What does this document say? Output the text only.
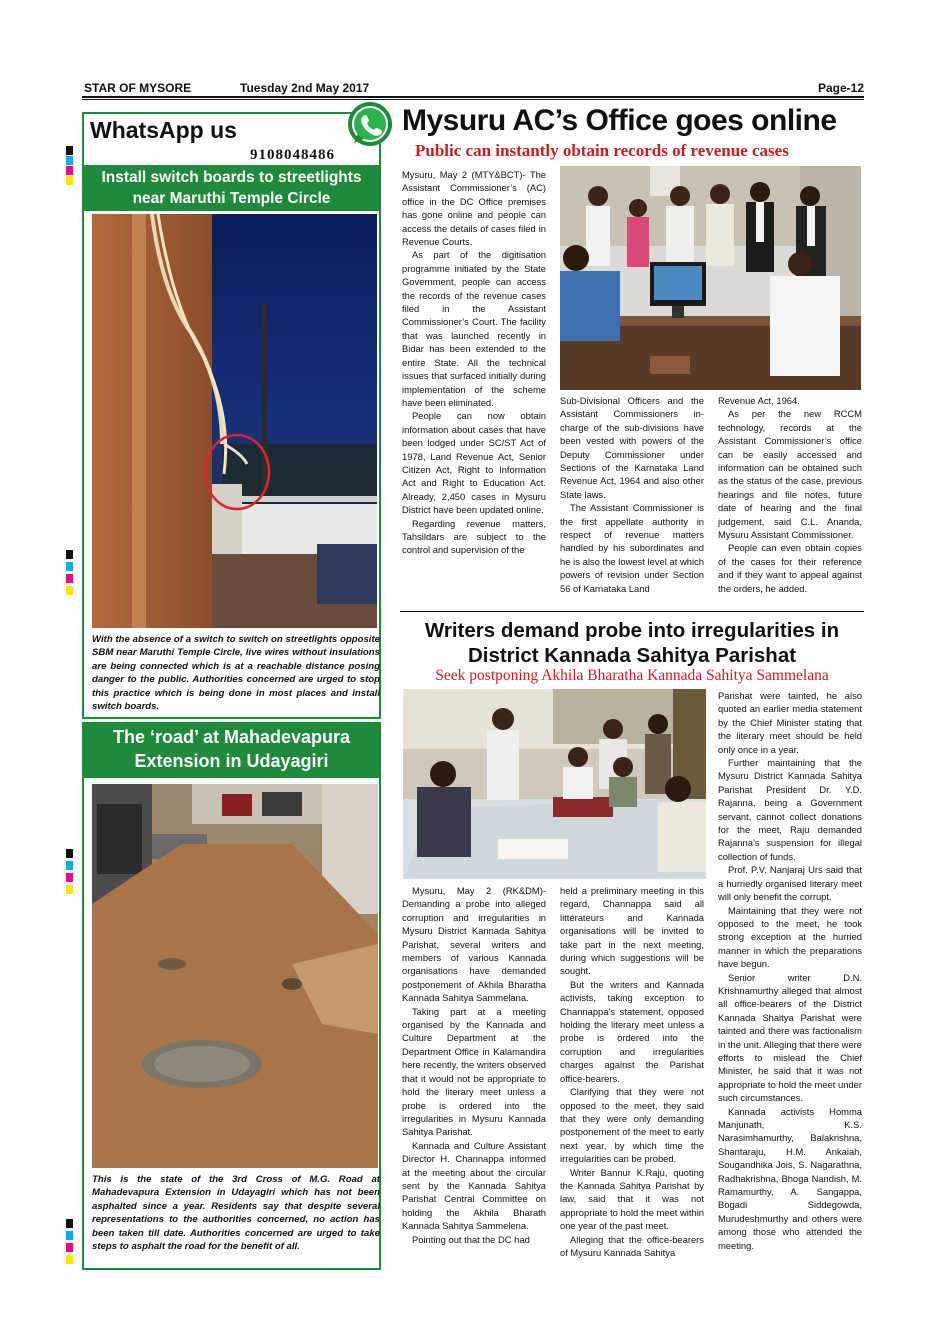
STAR OF MYSORE	Tuesday 2nd May 2017	Page-12
WhatsApp us
9108048486
Install switch boards to streetlights
near Maruthi Temple Circle
With the absence of a switch to switch on streetlights opposite SBM near Maruthi Temple Circle, live wires without insulations are being connected which is at a reachable distance posing danger to the public. Authorities concerned are urged to stop this practice which is being done in most places and install switch boards.
The ‘road’ at Mahadevapura
Extension in Udayagiri
This is the state of the 3rd Cross of M.G. Road at Mahadevapura Extension in Udayagiri which has not been asphalted since a year. Residents say that despite several representations to the authorities concerned, no action has been taken till date. Authorities concerned are urged to take steps to asphalt the road for the benefit of all.
Mysuru AC’s Office goes online
Public can instantly obtain records of revenue cases

Mysuru, May 2 (MTY&BCT)- The Assistant Commissioner’s (AC) office in the DC Office premises has gone online and people can access the details of cases filed in Revenue Courts.

As part of the digitisation programme initiated by the State Government, people can access the records of the revenue cases filed in the Assistant Commissioner’s Court. The facility that was launched recently in Bidar has been extended to the entire State. All the technical issues that surfaced initially during implementation of the scheme have been eliminated.

People can now obtain information about cases that have been lodged under SC/ST Act of 1978, Land Revenue Act, Senior Citizen Act, Right to Information Act and Right to Education Act. Already, 2,450 cases in Mysuru District have been updated online.

Regarding revenue matters, Tahsildars are subject to the control and supervision of the

Sub-Divisional Officers and the Assistant Commissioners in-charge of the sub-divisions have been vested with powers of the Deputy Commissioner under Sections of the Karnataka Land Revenue Act, 1964 and also other State laws.

The Assistant Commissioner is the first appellate authority in respect of revenue matters handled by his subordinates and he is also the lowest level at which powers of revision under Section 56 of Karnataka Land

Revenue Act, 1964.

As per the new RCCM technology, records at the Assistant Commissioner’s office can be easily accessed and information can be obtained such as the status of the case, previous hearings and file notes, future date of hearing and the final judgement, said C.L. Ananda, Mysuru Assistant Commissioner.

People can even obtain copies of the cases for their reference and if they want to appeal against the orders, he added.

Writers demand probe into irregularities in
District Kannada Sahitya Parishat
Seek postponing Akhila Bharatha Kannada Sahitya Sammelana

Parishat were tainted, he also quoted an earlier media statement by the Chief Minister stating that the literary meet should be held only once in a year.

Further maintaining that the Mysuru District Kannada Sahitya Parishat President Dr. Y.D. Rajanna, being a Government servant, cannot collect donations for the meet, Raju demanded Rajanna’s suspension for illegal collection of funds.

Prof. P.V. Nanjaraj Urs said that a hurriedly organised literary meet will only benefit the corrupt.

Maintaining that they were not opposed to the meet, he took strong exception at the hurried manner in which the preparations have begun.

Senior writer D.N. Krishnamurthy alleged that almost all office-bearers of the District Kannada Shaitya Parishat were tainted and there was factionalism in the unit. Alleging that there were efforts to mislead the Chief Minister, he said that it was not appropriate to hold the meet under such circumstances.

Kannada activists Homma Manjunath, K.S. Narasimhamurthy, Balakrishna, Shantaraju, H.M. Ankaiah, Sougandhika Jois, S. Nagarathna, Radhakrishna, Bhoga Nandish, M. Ramamurthy, A. Sangappa, Bogadi Siddegowda, Murudeshmurthy and others were among those who attended the meeting.

Mysuru, May 2 (RK&DM)- Demanding a probe into alleged corruption and irregularities in Mysuru District Kannada Sahitya Parishat, several writers and members of various Kannada organisations have demanded postponement of Akhila Bharatha Kannada Sahitya Sammelana.

Taking part at a meeting organised by the Kannada and Culture Department at the Department Office in Kalamandira here recently, the writers observed that it would not be appropriate to hold the literary meet unless a probe is ordered into the irregularities in Mysuru Kannada Sahitya Parishat.

Kannada and Culture Assistant Director H. Channappa informed at the meeting about the circular sent by the Kannada Sahitya Parishat Central Committee on holding the Akhila Bharath Kannada Sahitya Sammelena.

Pointing out that the DC had

held a preliminary meeting in this regard, Channappa said all littérateurs and Kannada organisations will be invited to take part in the next meeting, during which suggestions will be sought.

But the writers and Kannada activists, taking exception to Channappa’s statement, opposed holding the literary meet unless a probe is ordered into the corruption and irregularities charges against the Parishat office-bearers.

Clarifying that they were not opposed to the meet, they said that they were only demanding postponement of the meet to early next year, by which time the irregularities can be probed.

Writer Bannur K.Raju, quoting the Kannada Sahitya Parishat by law, said that it was not appropriate to hold the meet within one year of the past meet.

Alleging that the office-bearers of Mysuru Kannada Sahitya
